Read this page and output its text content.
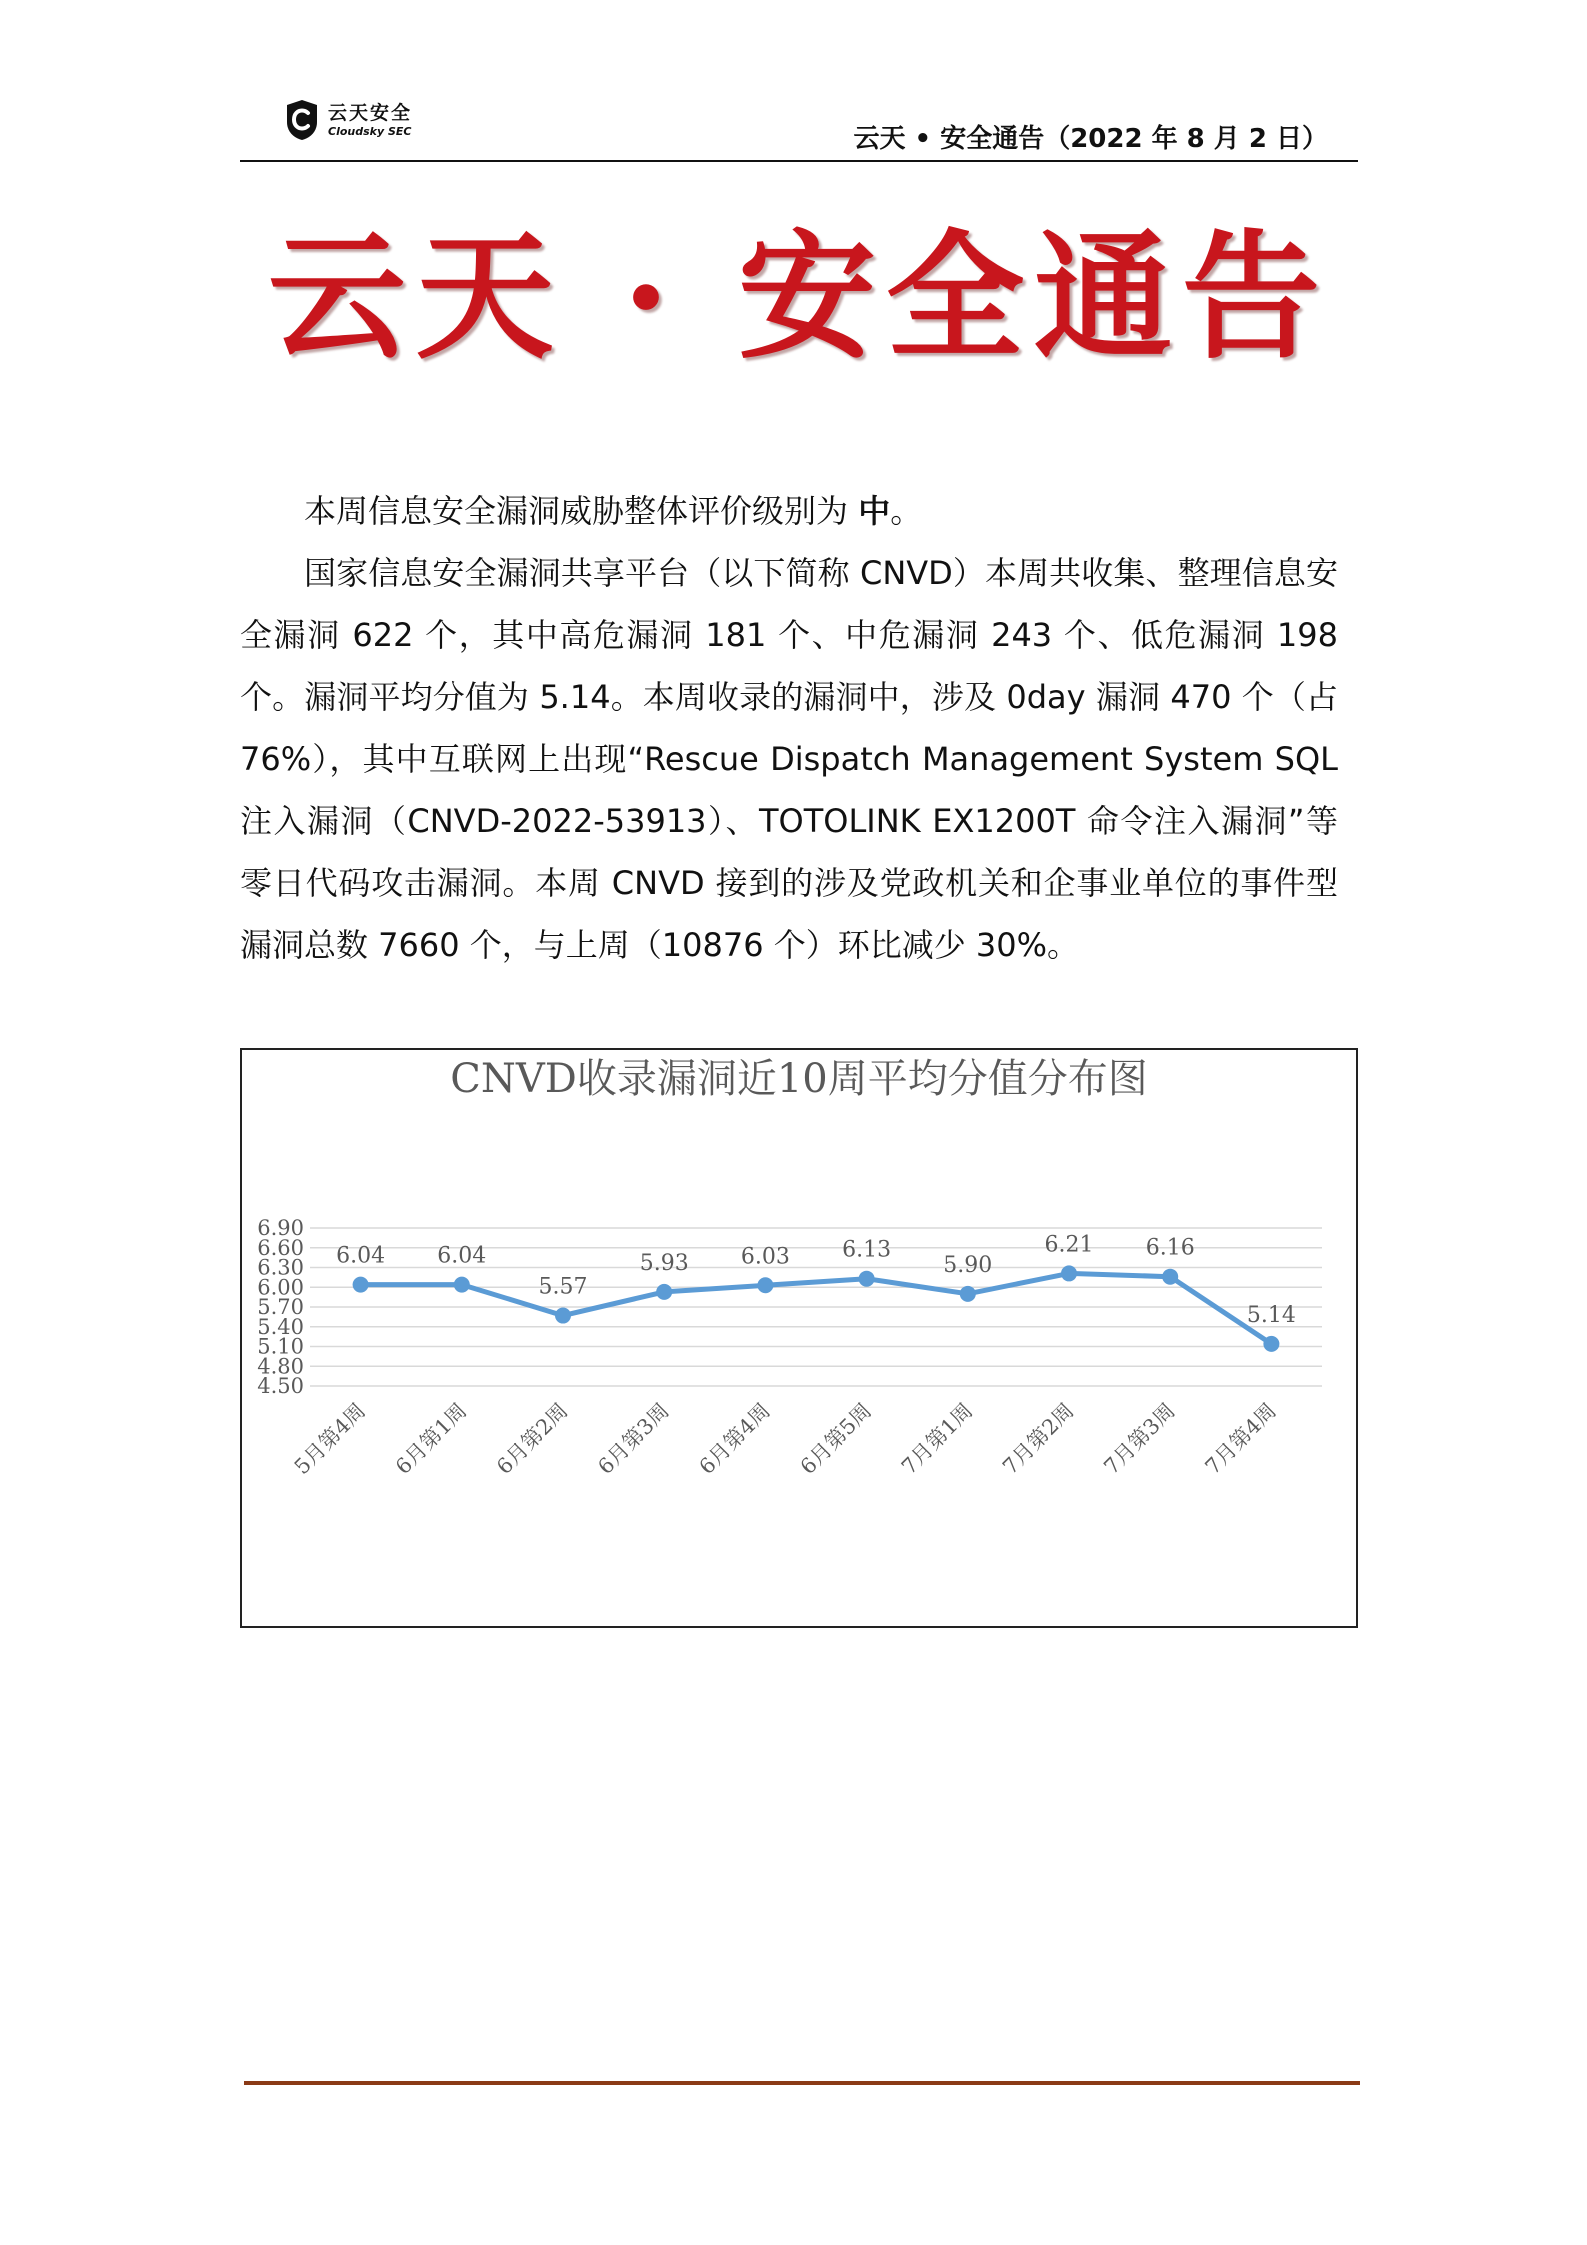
云天安全
Cloudsky SEC	云天 • 安全通告（2022 年 8 月 2 日）
云天 · 安全通告

本周信息安全漏洞威胁整体评价级别为 中。

国家信息安全漏洞共享平台（以下简称 CNVD）本周共收集、整理信息安全漏洞 622 个，其中高危漏洞 181 个、中危漏洞 243 个、低危漏洞 198 个。漏洞平均分值为 5.14。本周收录的漏洞中，涉及 0day 漏洞 470 个（占 76%），其中互联网上出现“Rescue Dispatch Management System SQL 注入漏洞（CNVD-2022-53913）、TOTOLINK EX1200T 命令注入漏洞”等零日代码攻击漏洞。本周 CNVD 接到的涉及党政机关和企事业单位的事件型漏洞总数 7660 个，与上周（10876 个）环比减少 30%。

CNVD收录漏洞近10周平均分值分布图
6.90
6.60
6.30
6.00
5.70
5.40
5.10
4.80
4.50
6.04 6.04
5.57
5.93 6.03 6.13
5.90
6.21 6.16
5.14
5月第4周 6月第1周 6月第2周 6月第3周 6月第4周 6月第5周 7月第1周 7月第2周 7月第3周 7月第4周
